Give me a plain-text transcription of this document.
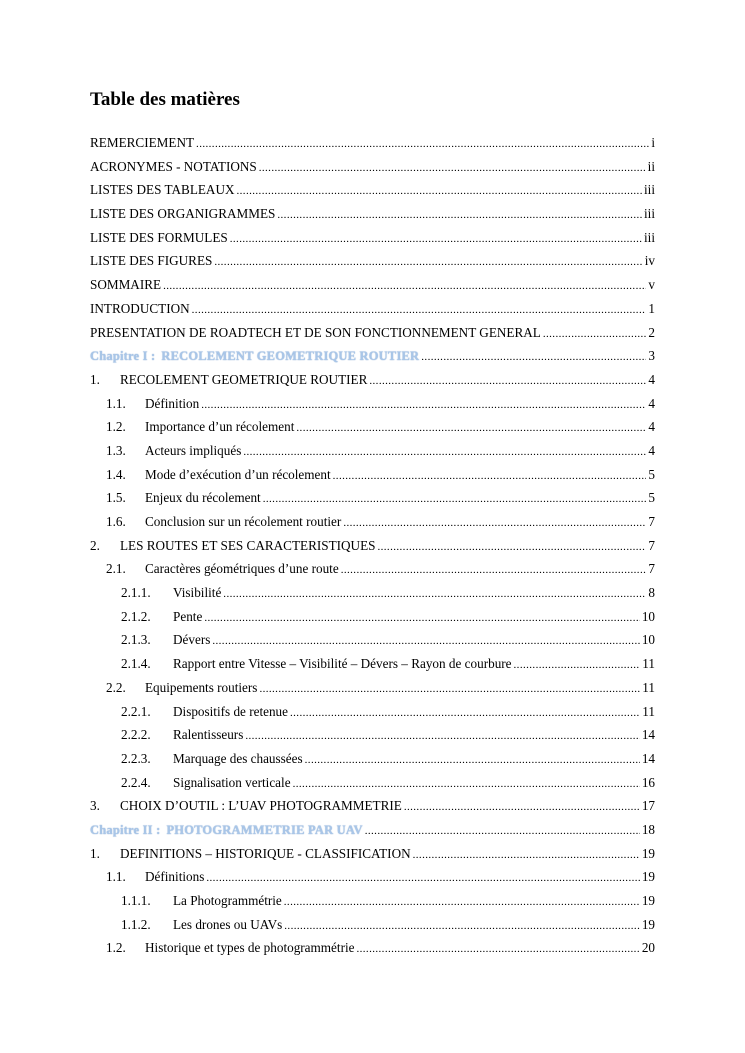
Table des matières
REMERCIEMENT .....	i
ACRONYMES - NOTATIONS .....	ii
LISTES DES TABLEAUX .....	iii
LISTE DES ORGANIGRAMMES .....	iii
LISTE DES FORMULES .....	iii
LISTE DES FIGURES .....	iv
SOMMAIRE .....	v
INTRODUCTION .....	1
PRESENTATION DE ROADTECH ET DE SON FONCTIONNEMENT GENERAL .....	2
Chapitre I : RECOLEMENT GEOMETRIQUE ROUTIER .....	3
1.	RECOLEMENT GEOMETRIQUE ROUTIER .....	4
1.1.	Définition .....	4
1.2.	Importance d’un récolement .....	4
1.3.	Acteurs impliqués .....	4
1.4.	Mode d’exécution d’un récolement .....	5
1.5.	Enjeux du récolement .....	5
1.6.	Conclusion sur un récolement routier .....	7
2.	LES ROUTES ET SES CARACTERISTIQUES .....	7
2.1.	Caractères géométriques d’une route .....	7
2.1.1.	Visibilité .....	8
2.1.2.	Pente .....	10
2.1.3.	Dévers .....	10
2.1.4.	Rapport entre Vitesse – Visibilité – Dévers – Rayon de courbure .....	11
2.2.	Equipements routiers .....	11
2.2.1.	Dispositifs de retenue .....	11
2.2.2.	Ralentisseurs .....	14
2.2.3.	Marquage des chaussées .....	14
2.2.4.	Signalisation verticale .....	16
3.	CHOIX D’OUTIL : L’UAV PHOTOGRAMMETRIE .....	17
Chapitre II : PHOTOGRAMMETRIE PAR UAV .....	18
1.	DEFINITIONS – HISTORIQUE - CLASSIFICATION .....	19
1.1.	Définitions .....	19
1.1.1.	La Photogrammétrie .....	19
1.1.2.	Les drones ou UAVs .....	19
1.2.	Historique et types de photogrammétrie .....	20
